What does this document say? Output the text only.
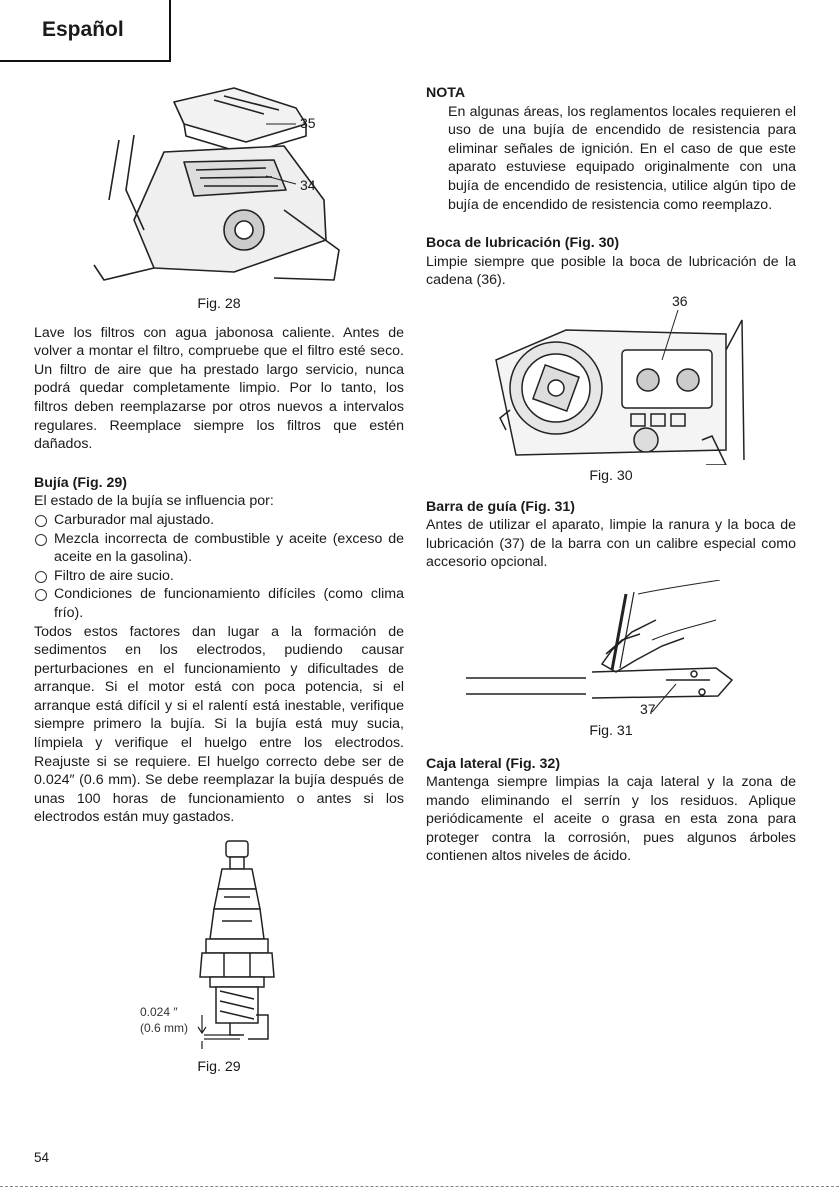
Español
35
34

Fig. 28

Lave los filtros con agua jabonosa caliente. Antes de volver a montar el filtro, compruebe que el filtro esté seco. Un filtro de aire que ha prestado largo servicio, nunca podrá quedar completamente limpio. Por lo tanto, los filtros deben reemplazarse por otros nuevos a intervalos regulares. Reemplace siempre los filtros que estén dañados.

Bujía (Fig. 29)

El estado de la bujía se influencia por:

Carburador mal ajustado.
Mezcla incorrecta de combustible y aceite (exceso de aceite en la gasolina).
Filtro de aire sucio.
Condiciones de funcionamiento difíciles (como clima frío).

Todos estos factores dan lugar a la formación de sedimentos en los electrodos, pudiendo causar perturbaciones en el funcionamiento y dificultades de arranque. Si el motor está con poca potencia, si el arranque está difícil y si el ralentí está inestable, verifique siempre primero la bujía. Si la bujía está muy sucia, límpiela y verifique el huelgo entre los electrodos. Reajuste si se requiere. El huelgo correcto debe ser de 0.024″ (0.6 mm). Se debe reemplazar la bujía después de unas 100 horas de funcionamiento o antes si los electrodos están muy gastados.

0.024 ″
(0.6 mm)

Fig. 29

NOTA

En algunas áreas, los reglamentos locales requieren el uso de una bujía de encendido de resistencia para eliminar señales de ignición. En el caso de que este aparato estuviese equipado originalmente con una bujía de encendido de resistencia, utilice algún tipo de bujía de encendido de resistencia como reemplazo.

Boca de lubricación (Fig. 30)

Limpie siempre que posible la boca de lubricación de la cadena (36).

36

Fig. 30

Barra de guía (Fig. 31)

Antes de utilizar el aparato, limpie la ranura y la boca de lubricación (37) de la barra con un calibre especial como accesorio opcional.

37

Fig. 31

Caja lateral (Fig. 32)

Mantenga siempre limpias la caja lateral y la zona de mando eliminando el serrín y los residuos. Aplique periódicamente el aceite o grasa en esta zona para proteger contra la corrosión, pues algunos árboles contienen altos niveles de ácido.

54
